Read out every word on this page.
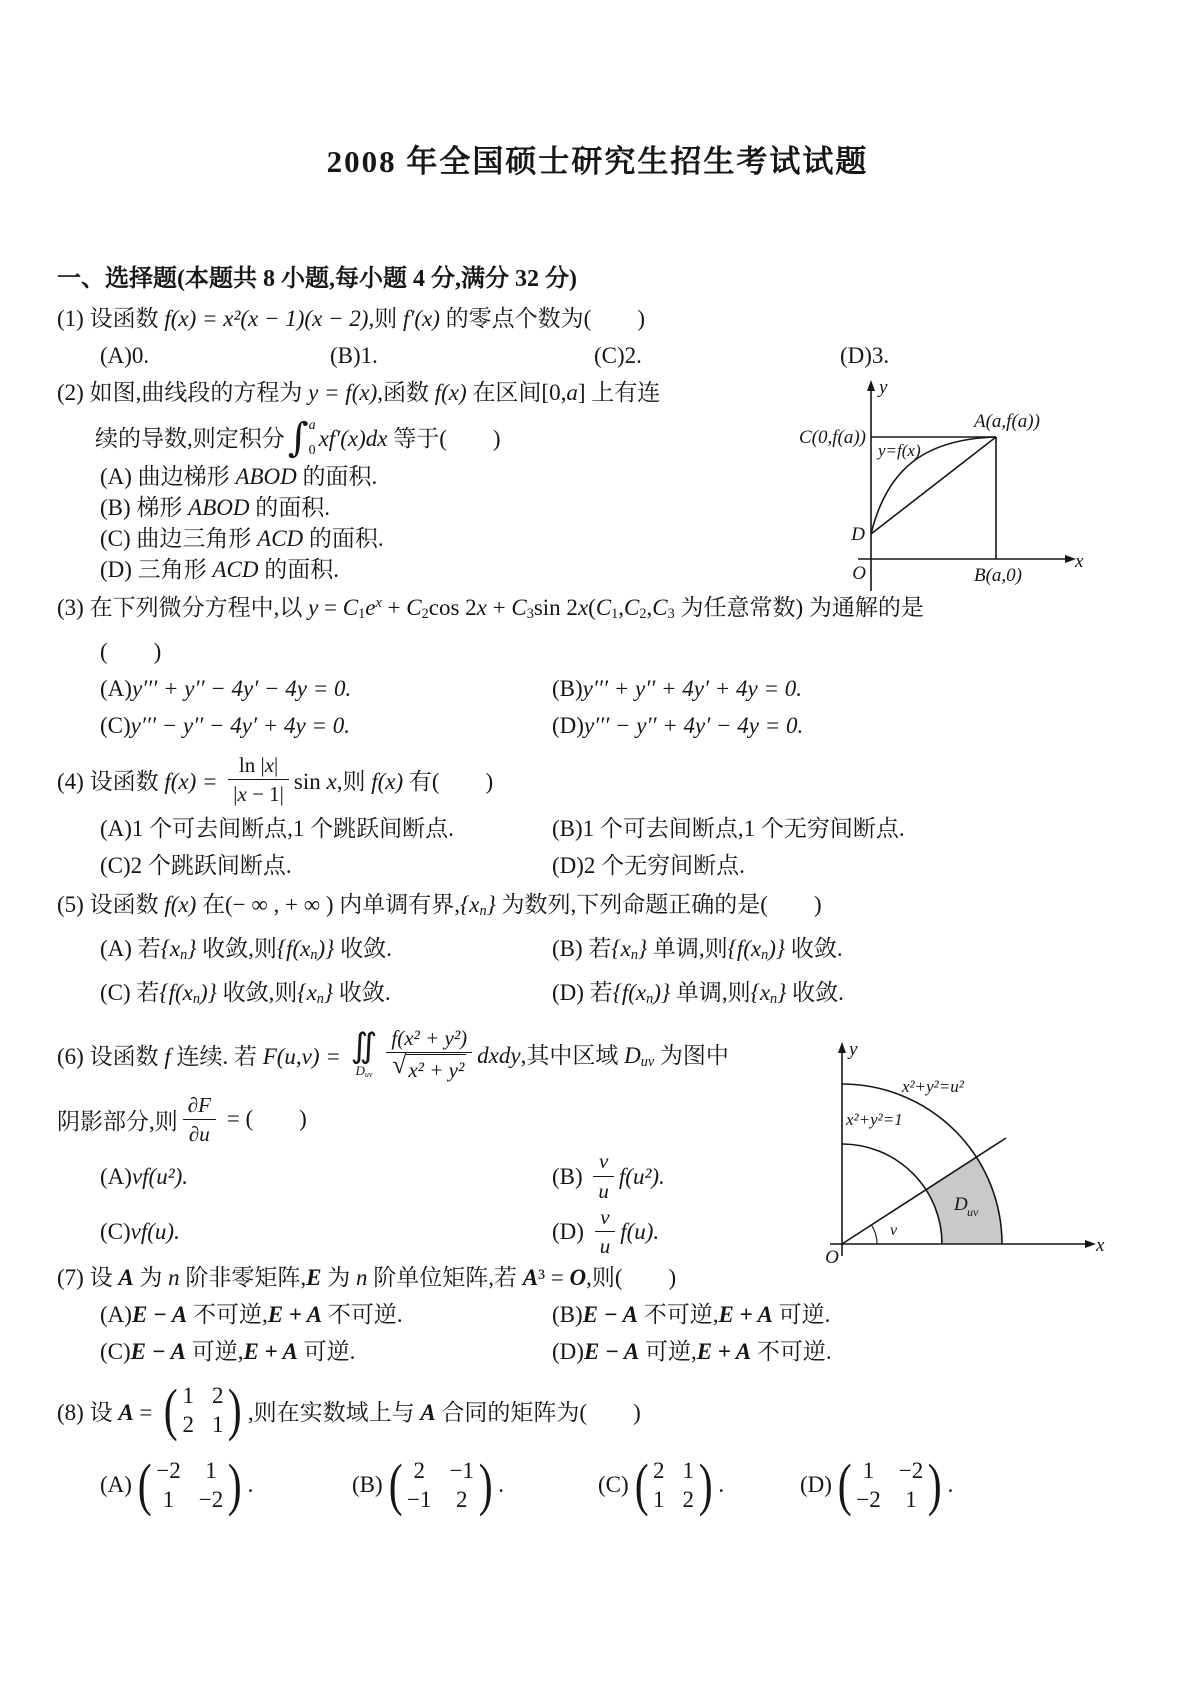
2008 年全国硕士研究生招生考试试题
一、选择题(本题共 8 小题,每小题 4 分,满分 32 分)
(1) 设函数 f(x) = x²(x − 1)(x − 2),则 f′(x) 的零点个数为(        )
(A)0.	(B)1.	(C)2.	(D)3.
(2) 如图,曲线段的方程为 y = f(x),函数 f(x) 在区间[0,a] 上有连
续的导数,则定积分 ∫ a
0 xf′(x)dx 等于(        )
(A) 曲边梯形 ABOD 的面积.
(B) 梯形 ABOD 的面积.
(C) 曲边三角形 ACD 的面积.
(D) 三角形 ACD 的面积.
y
x
C(0,f(a))
A(a,f(a))
O	B(a,0)
D
y=f(x)
(3) 在下列微分方程中,以 $y = C_1e^x + C_2\cos$ $2x + C_3\sin$ $2x(C_1,C_2,C_3$ 为任意常数) 为通解的是
(        )
(A)y′′′ + y′′ − 4y′ − 4y = 0.	(B)y′′′ + y′′ + 4y′ + 4y = 0.
(C)y′′′ − y′′ − 4y′ + 4y = 0.	(D)y′′′ − y′′ + 4y′ − 4y = 0.
(4) 设函数 $f(x) = \frac{\ln |x|}{|x - 1|}$ sin x,则 f(x) 有(        )
(A)1 个可去间断点,1 个跳跃间断点.	(B)1 个可去间断点,1 个无穷间断点.
(C)2 个跳跃间断点.	(D)2 个无穷间断点.
(5) 设函数 f(x) 在(− ∞ , + ∞ ) 内单调有界$,\{x_n\}$ 为数列,下列命题正确的是(        )
(A) 若$\{x_n\}$ 收敛,则$\{f(x_n)\}$ 收敛.	(B) 若$\{x_n\}$ 单调,则$\{f(x_n)\}$ 收敛.
(C) 若$\{f(x_n)\}$ 收敛,则$\{x_n\}$ 收敛.	(D) 若$\{f(x_n)\}$ 单调,则$\{x_n\}$ 收敛.
(6) 设函数 f 连续. 若 F(u,v) = ∬
$D_{uv} \frac{\text{f(x² + y²)}}{\text{√ x² + y²}}$ dxdy,其中区域 $D_{uv}$ 为图中
阴影部分,则 $\frac{\partial F}{\partial u}$ = (        )
(A)vf(u²).	$(B) \frac{v}{u} f(u^2)$.
(C)vf(u).	$(D) \frac{v}{u} f(u)$.
y
x
O
x²+y²=u²
x²+y²=1
D uv
v
(7) 设 A 为 n 阶非零矩阵,E 为 n 阶单位矩阵,若 A³ = O,则(        )
(A)E − A 不可逆,E + A 不可逆.	(B)E − A 不可逆,E + A 可逆.
(C)E − A 可逆,E + A 可逆.	(D)E − A 可逆,E + A 不可逆.
(8) 设 A = ( 1 2
2 1 ) ,则在实数域上与 A 合同的矩阵为(        )
(A) ( −2 1
1 −2 ) .	(B) ( 2 −1
−1 2 ) .	(C) ( 2 1
1 2 ) .	(D) ( 1 −2
−2 1 ) .
